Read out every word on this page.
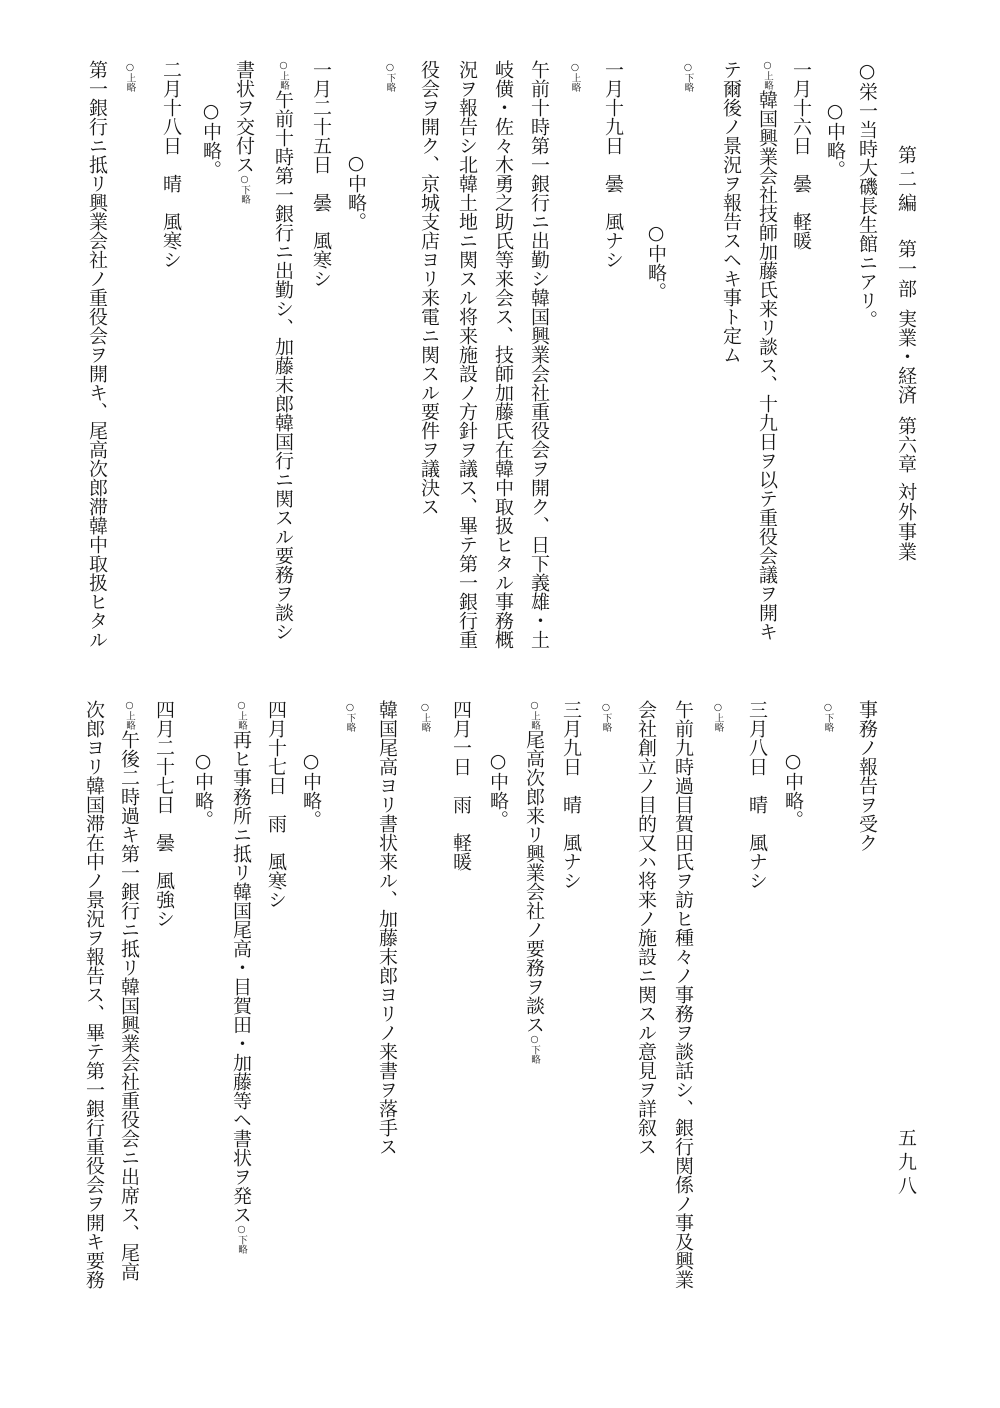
第二編第一部実業・経済第六章対外事業
五九八
○栄一当時大磯長生館ニアリ。
○中略。
一月十六日曇軽暖
○上略韓国興業会社技師加藤氏来リ談ス、十九日ヲ以テ重役会議ヲ開キ
テ爾後ノ景況ヲ報告スヘキ事ト定ム
○下略
○中略。
一月十九日曇風ナシ
○上略
午前十時第一銀行ニ出勤シ韓国興業会社重役会ヲ開ク、日下義雄・土
岐僙・佐々木勇之助氏等来会ス、技師加藤氏在韓中取扱ヒタル事務概
況ヲ報告シ北韓土地ニ関スル将来施設ノ方針ヲ議ス、畢テ第一銀行重
役会ヲ開ク、京城支店ヨリ来電ニ関スル要件ヲ議決ス
○下略
○中略。
一月二十五日曇風寒シ
○上略午前十時第一銀行ニ出勤シ、加藤末郎韓国行ニ関スル要務ヲ談シ
書状ヲ交付ス○下略
○中略。
二月十八日晴風寒シ
○上略
第一銀行ニ抵リ興業会社ノ重役会ヲ開キ、尾高次郎滞韓中取扱ヒタル
事務ノ報告ヲ受ク
○下略
○中略。
三月八日晴風ナシ
○上略
午前九時過目賀田氏ヲ訪ヒ種々ノ事務ヲ談話シ、銀行関係ノ事及興業
会社創立ノ目的又ハ将来ノ施設ニ関スル意見ヲ詳叙ス
○下略
三月九日晴風ナシ
○上略尾高次郎来リ興業会社ノ要務ヲ談ス○下略
○中略。
四月一日雨軽暖
○上略
韓国尾高ヨリ書状来ル、加藤末郎ヨリノ来書ヲ落手ス
○下略
○中略。
四月十七日雨風寒シ
○上略再ヒ事務所ニ抵リ韓国尾高・目賀田・加藤等ヘ書状ヲ発ス○下略
○中略。
四月二十七日曇風強シ
○上略午後二時過キ第一銀行ニ抵リ韓国興業会社重役会ニ出席ス、尾高
次郎ヨリ韓国滞在中ノ景況ヲ報告ス、畢テ第一銀行重役会ヲ開キ要務
